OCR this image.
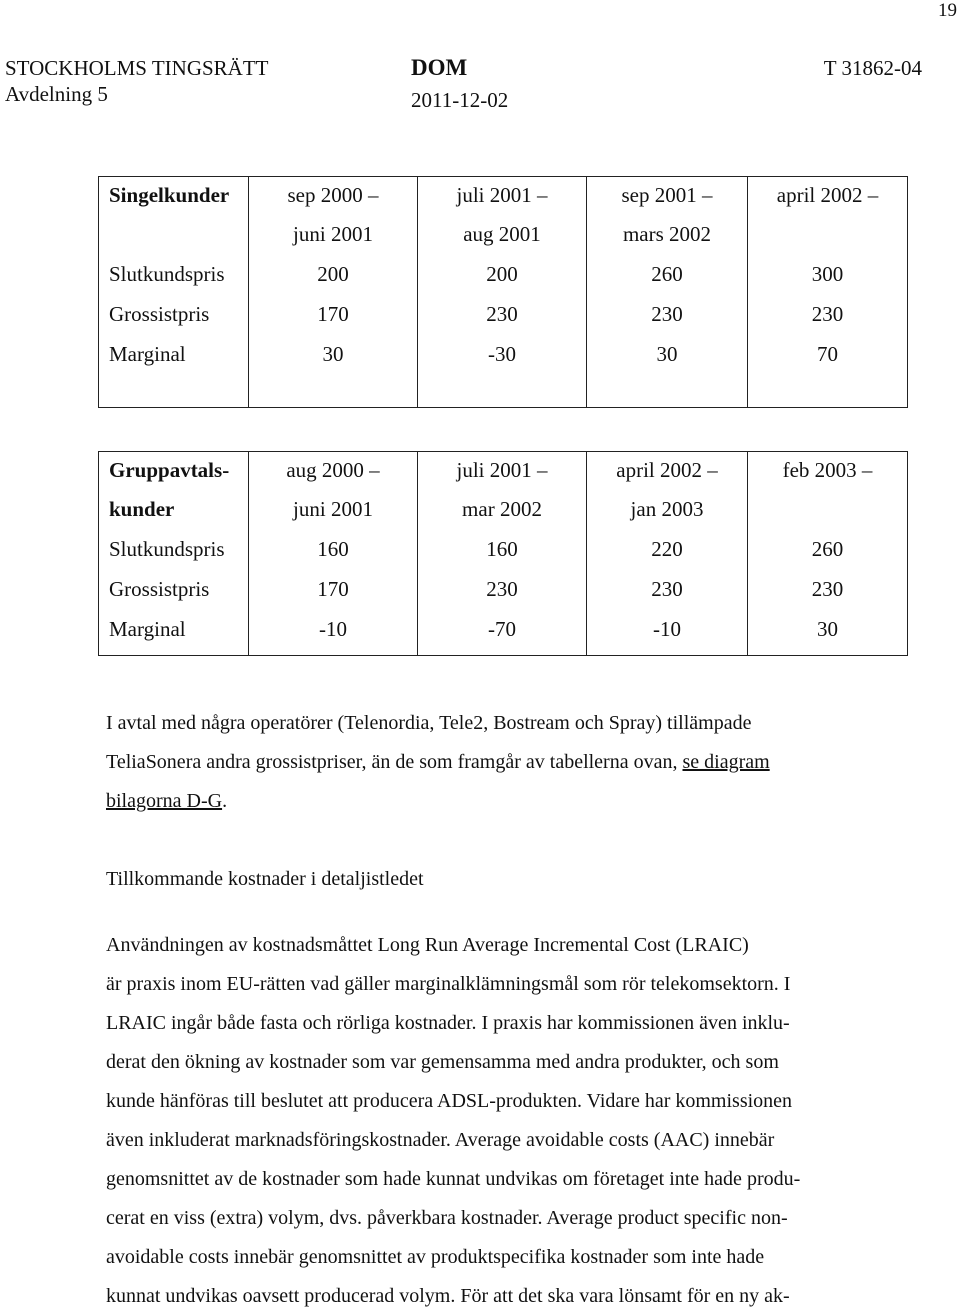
19
STOCKHOLMS TINGSRÄTT
Avdelning 5
DOM
2011-12-02
T 31862-04
Singelkunder	sep 2000 –	juli 2001 –	sep 2001 –	april 2002 –
	juni 2001	aug 2001	mars 2002	
Slutkundspris	200	200	260	300
Grossistpris	170	230	230	230
Marginal	30	-30	30	70

Gruppavtals-	aug 2000 –	juli 2001 –	april 2002 –	feb 2003 –
kunder	juni 2001	mar 2002	jan 2003	
Slutkundspris	160	160	220	260
Grossistpris	170	230	230	230
Marginal	-10	-70	-10	30

I avtal med några operatörer (Telenordia, Tele2, Bostream och Spray) tillämpade
TeliaSonera andra grossistpriser, än de som framgår av tabellerna ovan, se diagram
bilagorna D-G.
Tillkommande kostnader i detaljistledet
Användningen av kostnadsmåttet Long Run Average Incremental Cost (LRAIC)
är praxis inom EU-rätten vad gäller marginalklämningsmål som rör telekomsektorn. I
LRAIC ingår både fasta och rörliga kostnader. I praxis har kommissionen även inklu-
derat den ökning av kostnader som var gemensamma med andra produkter, och som
kunde hänföras till beslutet att producera ADSL-produkten. Vidare har kommissionen
även inkluderat marknadsföringskostnader. Average avoidable costs (AAC) innebär
genomsnittet av de kostnader som hade kunnat undvikas om företaget inte hade produ-
cerat en viss (extra) volym, dvs. påverkbara kostnader. Average product specific non-
avoidable costs innebär genomsnittet av produktspecifika kostnader som inte hade
kunnat undvikas oavsett producerad volym. För att det ska vara lönsamt för en ny ak-
